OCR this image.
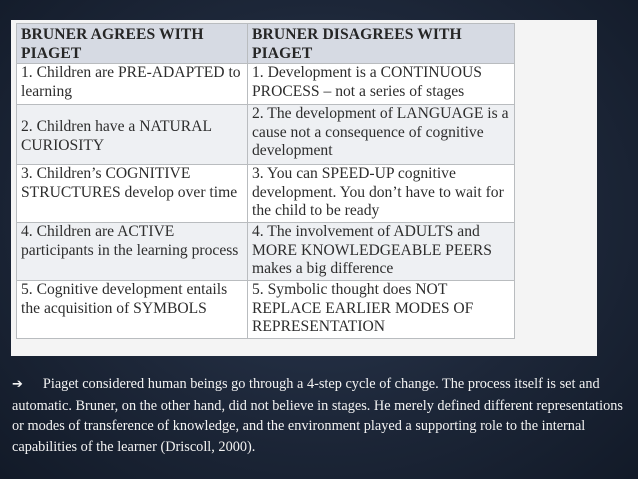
BRUNER AGREES WITH PIAGET	BRUNER DISAGREES WITH PIAGET
1. Children are PRE-ADAPTED to learning	1. Development is a CONTINUOUS PROCESS – not a series of stages
2. Children have a NATURAL CURIOSITY	2. The development of LANGUAGE is a cause not a consequence of cognitive development
3. Children’s COGNITIVE STRUCTURES develop over time	3. You can SPEED-UP cognitive development. You don’t have to wait for the child to be ready
4. Children are ACTIVE participants in the learning process	4. The involvement of ADULTS and MORE KNOWLEDGEABLE PEERS makes a big difference
5. Cognitive development entails the acquisition of SYMBOLS	5. Symbolic thought does NOT REPLACE EARLIER MODES OF REPRESENTATION

➔ Piaget considered human beings go through a 4-step cycle of change. The process itself is set and automatic. Bruner, on the other hand, did not believe in stages. He merely defined different representations or modes of transference of knowledge, and the environment played a supporting role to the internal capabilities of the learner (Driscoll, 2000).
